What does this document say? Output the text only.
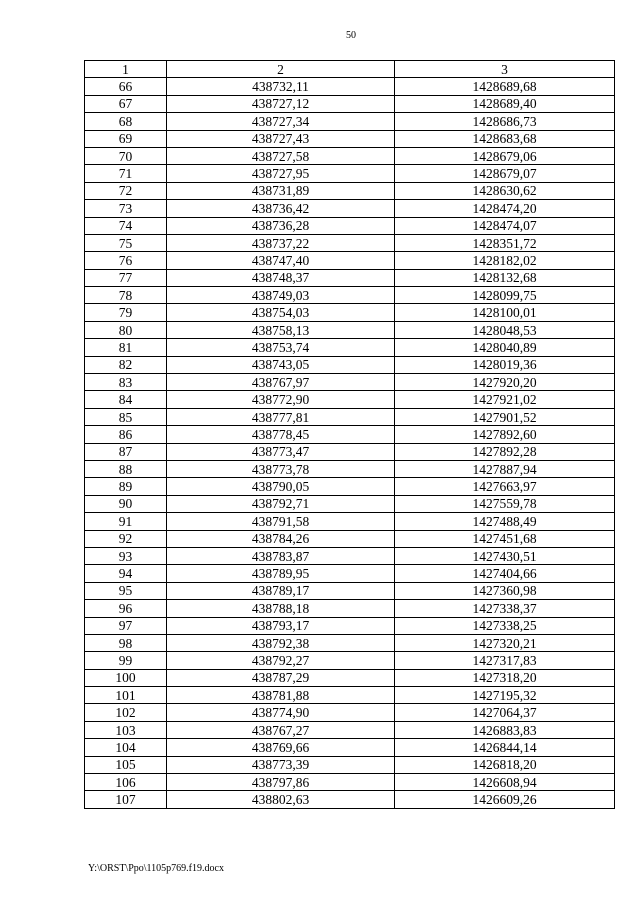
50
1	2	3
66	438732,11	1428689,68
67	438727,12	1428689,40
68	438727,34	1428686,73
69	438727,43	1428683,68
70	438727,58	1428679,06
71	438727,95	1428679,07
72	438731,89	1428630,62
73	438736,42	1428474,20
74	438736,28	1428474,07
75	438737,22	1428351,72
76	438747,40	1428182,02
77	438748,37	1428132,68
78	438749,03	1428099,75
79	438754,03	1428100,01
80	438758,13	1428048,53
81	438753,74	1428040,89
82	438743,05	1428019,36
83	438767,97	1427920,20
84	438772,90	1427921,02
85	438777,81	1427901,52
86	438778,45	1427892,60
87	438773,47	1427892,28
88	438773,78	1427887,94
89	438790,05	1427663,97
90	438792,71	1427559,78
91	438791,58	1427488,49
92	438784,26	1427451,68
93	438783,87	1427430,51
94	438789,95	1427404,66
95	438789,17	1427360,98
96	438788,18	1427338,37
97	438793,17	1427338,25
98	438792,38	1427320,21
99	438792,27	1427317,83
100	438787,29	1427318,20
101	438781,88	1427195,32
102	438774,90	1427064,37
103	438767,27	1426883,83
104	438769,66	1426844,14
105	438773,39	1426818,20
106	438797,86	1426608,94
107	438802,63	1426609,26
Y:\ORST\Ppo\1105p769.f19.docx
